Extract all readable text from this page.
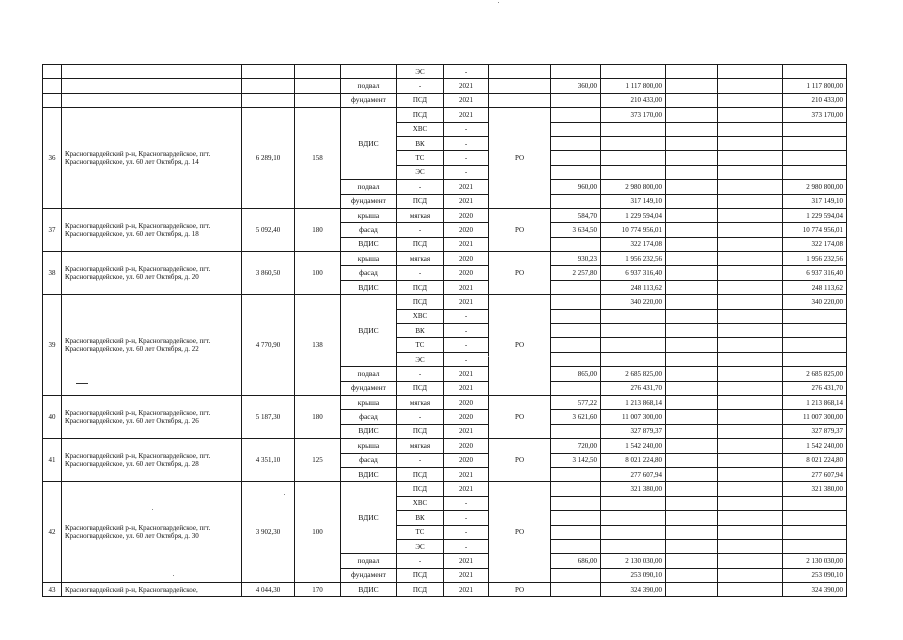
					ЭС	-						
				подвал	-	2021		360,00	1 117 800,00			1 117 800,00
				фундамент	ПСД	2021			210 433,00			210 433,00
36	Красногвардейский р-н, Красногвардейское, пгт. Красногвардейское, ул. 60 лет Октября, д. 14	6 289,10	158	ВДИС	ПСД	2021	РО		373 170,00			373 170,00
					ХВС	-						
					ВК	-						
					ТС	-						
					ЭС	-						
				подвал	-	2021		960,00	2 980 800,00			2 980 800,00
				фундамент	ПСД	2021			317 149,10			317 149,10
37	Красногвардейский р-н, Красногвардейское, пгт. Красногвардейское, ул. 60 лет Октября, д. 18	5 092,40	180	крыша	мягкая	2020	РО	584,70	1 229 594,04			1 229 594,04
				фасад	-	2020		3 634,50	10 774 956,01			10 774 956,01
				ВДИС	ПСД	2021			322 174,08			322 174,08
38	Красногвардейский р-н, Красногвардейское, пгт. Красногвардейское, ул. 60 лет Октября, д. 20	3 860,50	100	крыша	мягкая	2020	РО	930,23	1 956 232,56			1 956 232,56
				фасад	-	2020		2 257,80	6 937 316,40			6 937 316,40
				ВДИС	ПСД	2021			248 113,62			248 113,62
39	Красногвардейский р-н, Красногвардейское, пгт. Красногвардейское, ул. 60 лет Октября, д. 22	4 770,90	138	ВДИС	ПСД	2021	РО		340 220,00			340 220,00
					ХВС	-						
					ВК	-						
					ТС	-						
					ЭС	-						
				подвал	-	2021		865,00	2 685 825,00			2 685 825,00
				фундамент	ПСД	2021			276 431,70			276 431,70
40	Красногвардейский р-н, Красногвардейское, пгт. Красногвардейское, ул. 60 лет Октября, д. 26	5 187,30	180	крыша	мягкая	2020	РО	577,22	1 213 868,14			1 213 868,14
				фасад	-	2020		3 621,60	11 007 300,00			11 007 300,00
				ВДИС	ПСД	2021			327 879,37			327 879,37
41	Красногвардейский р-н, Красногвардейское, пгт. Красногвардейское, ул. 60 лет Октября, д. 28	4 351,10	125	крыша	мягкая	2020	РО	720,00	1 542 240,00			1 542 240,00
				фасад	-	2020		3 142,50	8 021 224,80			8 021 224,80
				ВДИС	ПСД	2021			277 607,94			277 607,94
42	Красногвардейский р-н, Красногвардейское, пгт. Красногвардейское, ул. 60 лет Октября, д. 30	3 902,30	100	ВДИС	ПСД	2021	РО		321 380,00			321 380,00
					ХВС	-						
					ВК	-						
					ТС	-						
					ЭС	-						
				подвал	-	2021		686,00	2 130 030,00			2 130 030,00
				фундамент	ПСД	2021			253 090,10			253 090,10
43	Красногвардейский р-н, Красногвардейское,	4 044,30	170	ВДИС	ПСД	2021	РО		324 390,00			324 390,00
